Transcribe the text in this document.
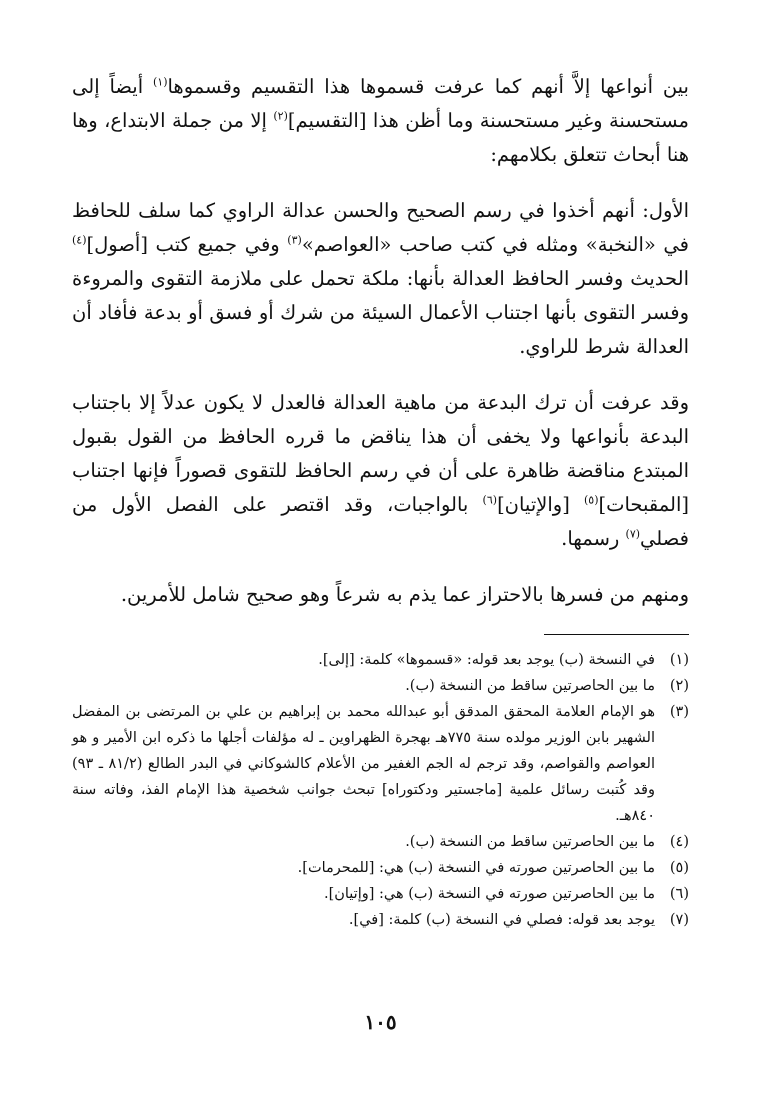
بين أنواعها إلاَّ أنهم كما عرفت قسموها هذا التقسيم وقسموها$^{(١)}$ أيضاً إلى مستحسنة وغير مستحسنة وما أظن هذا [التقسيم]$^{(٢)}$ إلا من جملة الابتداع، وها هنا أبحاث تتعلق بكلامهم:

الأول: أنهم أخذوا في رسم الصحيح والحسن عدالة الراوي كما سلف للحافظ في «النخبة» ومثله في كتب صاحب «العواصم»$^{(٣)}$ وفي جميع كتب [أصول]$^{(٤)}$ الحديث وفسر الحافظ العدالة بأنها: ملكة تحمل على ملازمة التقوى والمروءة وفسر التقوى بأنها اجتناب الأعمال السيئة من شرك أو فسق أو بدعة فأفاد أن العدالة شرط للراوي.

وقد عرفت أن ترك البدعة من ماهية العدالة فالعدل لا يكون عدلاً إلا باجتناب البدعة بأنواعها ولا يخفى أن هذا يناقض ما قرره الحافظ من القول بقبول المبتدع مناقضة ظاهرة على أن في رسم الحافظ للتقوى قصوراً فإنها اجتناب [المقبحات]$^{(٥)}$ [والإتيان]$^{(٦)}$ بالواجبات، وقد اقتصر على الفصل الأول من فصلي$^{(٧)}$ رسمها.

ومنهم من فسرها بالاحتراز عما يذم به شرعاً وهو صحيح شامل للأمرين.

(١)
في النسخة (ب) يوجد بعد قوله: «قسموها» كلمة: [إلى].
(٢)
ما بين الحاصرتين ساقط من النسخة (ب).
(٣)
هو الإمام العلامة المحقق المدقق أبو عبدالله محمد بن إبراهيم بن علي بن المرتضى بن المفضل الشهير بابن الوزير مولده سنة ٧٧٥هـ بهجرة الظهراوين ـ له مؤلفات أجلها ما ذكره ابن الأمير و هو العواصم والقواصم، وقد ترجم له الجم الغفير من الأعلام كالشوكاني في البدر الطالع (٨١/٢ ـ ٩٣) وقد كُتبت رسائل علمية [ماجستير ودكتوراه] تبحث جوانب شخصية هذا الإمام الفذ، وفاته سنة ٨٤٠هـ.
(٤)
ما بين الحاصرتين ساقط من النسخة (ب).
(٥)
ما بين الحاصرتين صورته في النسخة (ب) هي: [للمحرمات].
(٦)
ما بين الحاصرتين صورته في النسخة (ب) هي: [وإتيان].
(٧)
يوجد بعد قوله: فصلي في النسخة (ب) كلمة: [في].
١٠٥
